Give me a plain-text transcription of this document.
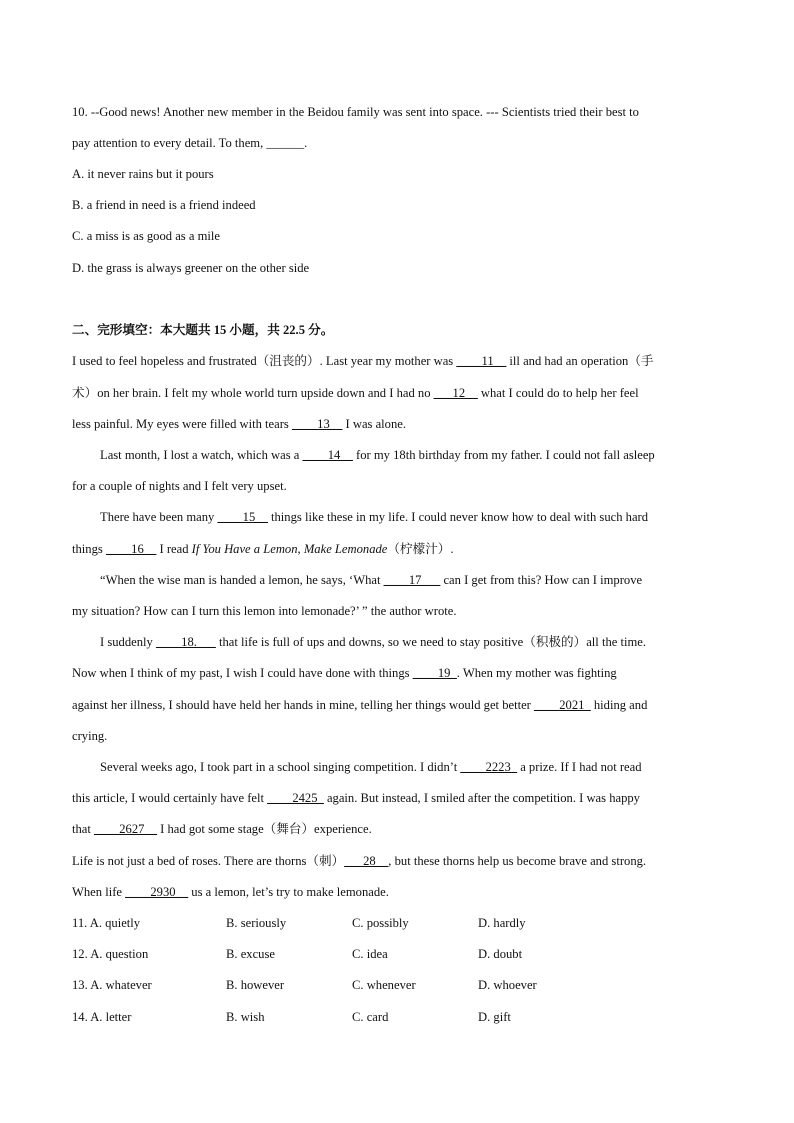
10. --Good news! Another new member in the Beidou family was sent into space. --- Scientists tried their best to
pay attention to every detail. To them, ______.
A. it never rains but it pours
B. a friend in need is a friend indeed
C. a miss is as good as a mile
D. the grass is always greener on the other side
二、完形填空：本大题共 15 小题，共 22.5 分。
I used to feel hopeless and frustrated（沮丧的）. Last year my mother was ____11__ ill and had an operation（手
术）on her brain. I felt my whole world turn upside down and I had no ___12__ what I could do to help her feel
less painful. My eyes were filled with tears ____13__ I was alone.
Last month, I lost a watch, which was a ____14__ for my 18th birthday from my father. I could not fall asleep
for a couple of nights and I felt very upset.
There have been many ____15__ things like these in my life. I could never know how to deal with such hard
things ____16__ I read If You Have a Lemon, Make Lemonade（柠檬汁）.
“When the wise man is handed a lemon, he says, ‘What ____17___ can I get from this? How can I improve
my situation? How can I turn this lemon into lemonade?’ ” the author wrote.
I suddenly ____18.___ that life is full of ups and downs, so we need to stay positive（积极的）all the time.
Now when I think of my past, I wish I could have done with things ____19_. When my mother was fighting
against her illness, I should have held her hands in mine, telling her things would get better ____2021_ hiding and
crying.
Several weeks ago, I took part in a school singing competition. I didn’t ____2223_ a prize. If I had not read
this article, I would certainly have felt ____2425_ again. But instead, I smiled after the competition. I was happy
that ____2627__ I had got some stage（舞台）experience.
Life is not just a bed of roses. There are thorns（刺）___28__, but these thorns help us become brave and strong.
When life ____2930__ us a lemon, let’s try to make lemonade.
11. A. quietly	B. seriously	C. possibly	D. hardly
12. A. question	B. excuse	C. idea	D. doubt
13. A. whatever	B. however	C. whenever	D. whoever
14. A. letter	B. wish	C. card	D. gift
